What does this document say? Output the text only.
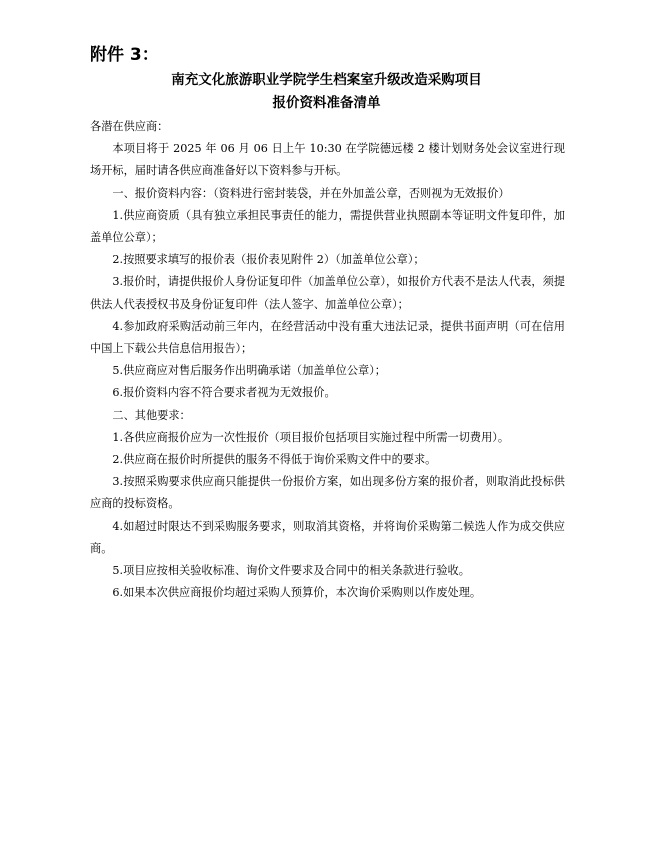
附件 3：
南充文化旅游职业学院学生档案室升级改造采购项目
报价资料准备清单

各潜在供应商：

本项目将于 2025 年 06 月 06 日上午 10:30 在学院德远楼 2 楼计划财务处会议室进行现场开标，届时请各供应商准备好以下资料参与开标。

一、报价资料内容：（资料进行密封装袋，并在外加盖公章，否则视为无效报价）

1.供应商资质（具有独立承担民事责任的能力，需提供营业执照副本等证明文件复印件，加盖单位公章）；

2.按照要求填写的报价表（报价表见附件 2）（加盖单位公章）；

3.报价时，请提供报价人身份证复印件（加盖单位公章），如报价方代表不是法人代表，须提供法人代表授权书及身份证复印件（法人签字、加盖单位公章）；

4.参加政府采购活动前三年内，在经营活动中没有重大违法记录，提供书面声明（可在信用中国上下载公共信息信用报告）；

5.供应商应对售后服务作出明确承诺（加盖单位公章）；

6.报价资料内容不符合要求者视为无效报价。

二、其他要求：

1.各供应商报价应为一次性报价（项目报价包括项目实施过程中所需一切费用）。

2.供应商在报价时所提供的服务不得低于询价采购文件中的要求。

3.按照采购要求供应商只能提供一份报价方案，如出现多份方案的报价者，则取消此投标供应商的投标资格。

4.如超过时限达不到采购服务要求，则取消其资格，并将询价采购第二候选人作为成交供应商。

5.项目应按相关验收标准、询价文件要求及合同中的相关条款进行验收。

6.如果本次供应商报价均超过采购人预算价，本次询价采购则以作废处理。
